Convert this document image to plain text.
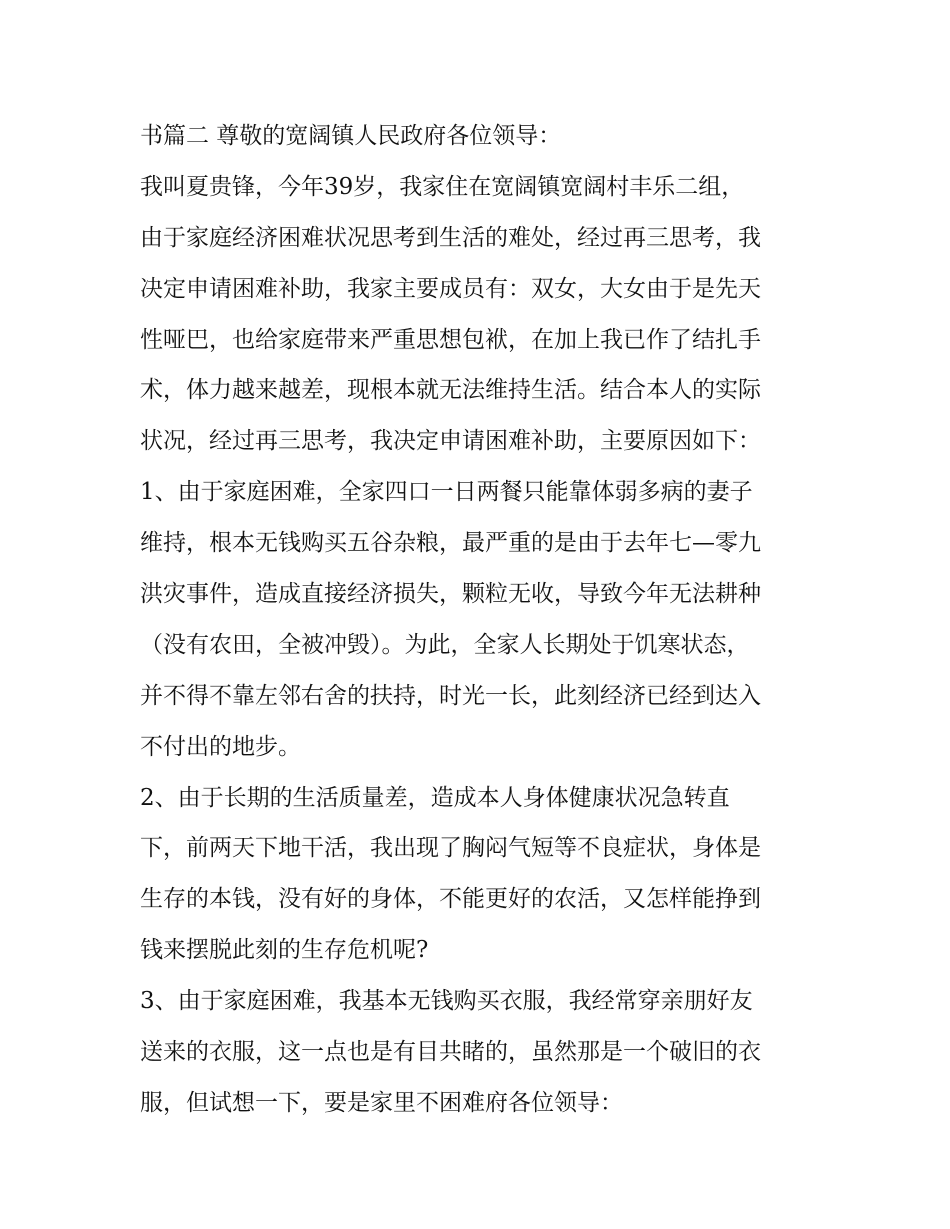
书篇二 尊敬的宽阔镇人民政府各位领导：
我叫夏贵锋，今年39岁，我家住在宽阔镇宽阔村丰乐二组，
由于家庭经济困难状况思考到生活的难处，经过再三思考，我
决定申请困难补助，我家主要成员有：双女，大女由于是先天
性哑巴，也给家庭带来严重思想包袱，在加上我已作了结扎手
术，体力越来越差，现根本就无法维持生活。结合本人的实际
状况，经过再三思考，我决定申请困难补助，主要原因如下：
1、由于家庭困难，全家四口一日两餐只能靠体弱多病的妻子
维持，根本无钱购买五谷杂粮，最严重的是由于去年七—零九
洪灾事件，造成直接经济损失，颗粒无收，导致今年无法耕种
（没有农田，全被冲毁）。为此，全家人长期处于饥寒状态，
并不得不靠左邻右舍的扶持，时光一长，此刻经济已经到达入
不付出的地步。
2、由于长期的生活质量差，造成本人身体健康状况急转直
下，前两天下地干活，我出现了胸闷气短等不良症状，身体是
生存的本钱，没有好的身体，不能更好的农活，又怎样能挣到
钱来摆脱此刻的生存危机呢?
3、由于家庭困难，我基本无钱购买衣服，我经常穿亲朋好友
送来的衣服，这一点也是有目共睹的，虽然那是一个破旧的衣
服，但试想一下，要是家里不困难府各位领导：
